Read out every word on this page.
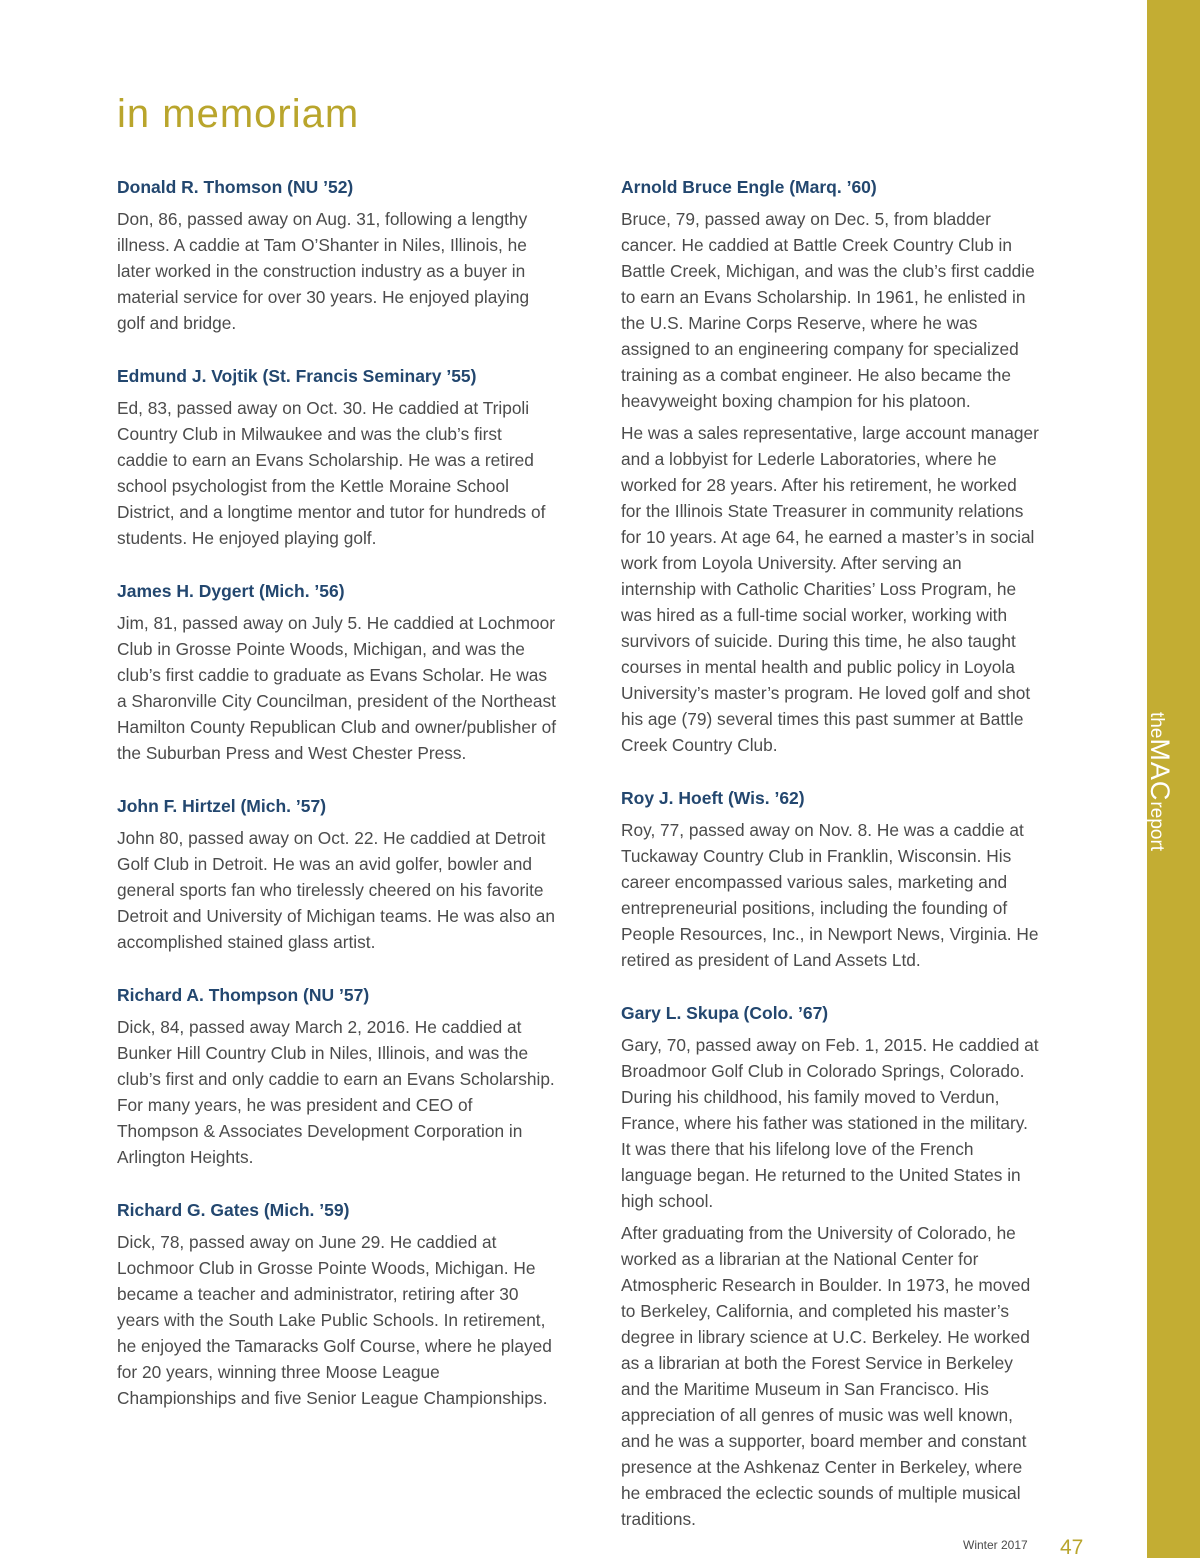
theMACreport
in memoriam
Donald R. Thomson (NU ’52)

Don, 86, passed away on Aug. 31, following a lengthy illness. A caddie at Tam O’Shanter in Niles, Illinois, he later worked in the construction industry as a buyer in material service for over 30 years. He enjoyed playing golf and bridge.

Edmund J. Vojtik (St. Francis Seminary ’55)

Ed, 83, passed away on Oct. 30. He caddied at Tripoli Country Club in Milwaukee and was the club’s first caddie to earn an Evans Scholarship. He was a retired school psychologist from the Kettle Moraine School District, and a longtime mentor and tutor for hundreds of students. He enjoyed playing golf.

James H. Dygert (Mich. ’56)

Jim, 81, passed away on July 5. He caddied at Lochmoor Club in Grosse Pointe Woods, Michigan, and was the club’s first caddie to graduate as Evans Scholar. He was a Sharonville City Councilman, president of the Northeast Hamilton County Republican Club and owner/publisher of the Suburban Press and West Chester Press.

John F. Hirtzel (Mich. ’57)

John 80, passed away on Oct. 22. He caddied at Detroit Golf Club in Detroit. He was an avid golfer, bowler and general sports fan who tirelessly cheered on his favorite Detroit and University of Michigan teams. He was also an accomplished stained glass artist.

Richard A. Thompson (NU ’57)

Dick, 84, passed away March 2, 2016. He caddied at Bunker Hill Country Club in Niles, Illinois, and was the club’s first and only caddie to earn an Evans Scholarship. For many years, he was president and CEO of Thompson & Associates Development Corporation in Arlington Heights.

Richard G. Gates (Mich. ’59)

Dick, 78, passed away on June 29. He caddied at Lochmoor Club in Grosse Pointe Woods, Michigan. He became a teacher and administrator, retiring after 30 years with the South Lake Public Schools. In retirement, he enjoyed the Tamaracks Golf Course, where he played for 20 years, winning three Moose League Championships and five Senior League Championships.

Arnold Bruce Engle (Marq. ’60)

Bruce, 79, passed away on Dec. 5, from bladder cancer. He caddied at Battle Creek Country Club in Battle Creek, Michigan, and was the club’s first caddie to earn an Evans Scholarship. In 1961, he enlisted in the U.S. Marine Corps Reserve, where he was assigned to an engineering company for specialized training as a combat engineer. He also became the heavyweight boxing champion for his platoon.

He was a sales representative, large account manager and a lobbyist for Lederle Laboratories, where he worked for 28 years. After his retirement, he worked for the Illinois State Treasurer in community relations for 10 years. At age 64, he earned a master’s in social work from Loyola University. After serving an internship with Catholic Charities’ Loss Program, he was hired as a full-time social worker, working with survivors of suicide. During this time, he also taught courses in mental health and public policy in Loyola University’s master’s program. He loved golf and shot his age (79) several times this past summer at Battle Creek Country Club.

Roy J. Hoeft (Wis. ’62)

Roy, 77, passed away on Nov. 8. He was a caddie at Tuckaway Country Club in Franklin, Wisconsin. His career encompassed various sales, marketing and entrepreneurial positions, including the founding of People Resources, Inc., in Newport News, Virginia. He retired as president of Land Assets Ltd.

Gary L. Skupa (Colo. ’67)

Gary, 70, passed away on Feb. 1, 2015. He caddied at Broadmoor Golf Club in Colorado Springs, Colorado. During his childhood, his family moved to Verdun, France, where his father was stationed in the military. It was there that his lifelong love of the French language began. He returned to the United States in high school.

After graduating from the University of Colorado, he worked as a librarian at the National Center for Atmospheric Research in Boulder. In 1973, he moved to Berkeley, California, and completed his master’s degree in library science at U.C. Berkeley. He worked as a librarian at both the Forest Service in Berkeley and the Maritime Museum in San Francisco. His appreciation of all genres of music was well known, and he was a supporter, board member and constant presence at the Ashkenaz Center in Berkeley, where he embraced the eclectic sounds of multiple musical traditions.

Winter 2017 47
